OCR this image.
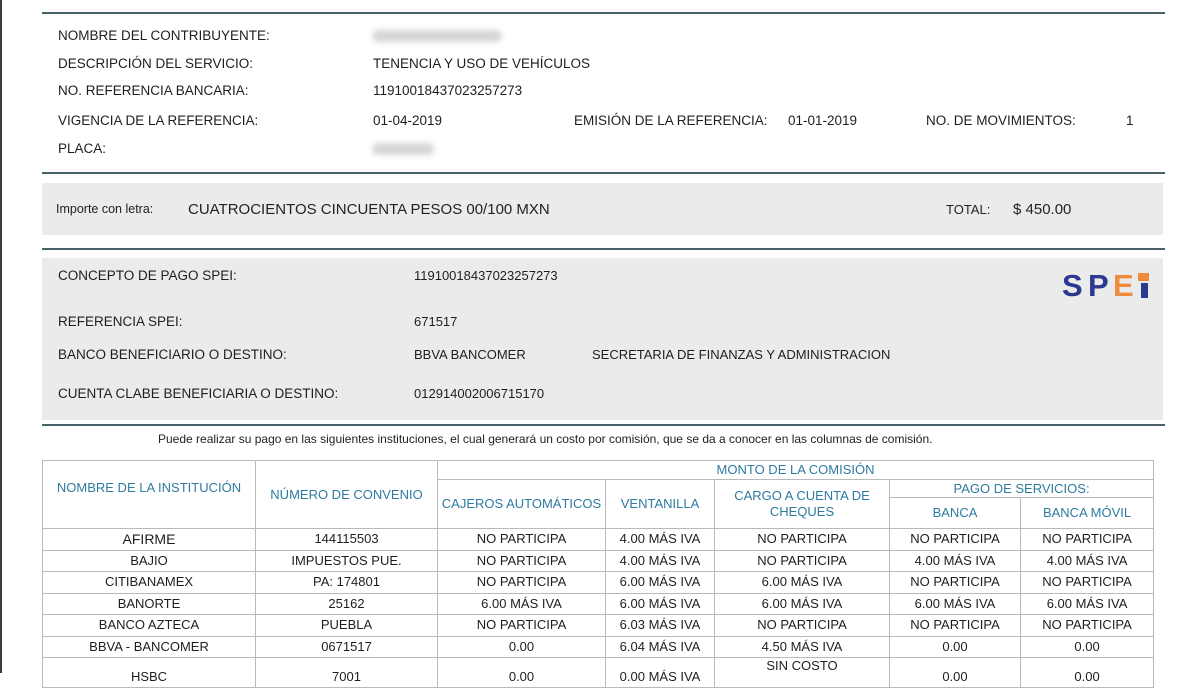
NOMBRE DEL CONTRIBUYENTE:
DESCRIPCIÓN DEL SERVICIO:	TENENCIA Y USO DE VEHÍCULOS
NO. REFERENCIA BANCARIA:	11910018437023257273
VIGENCIA DE LA REFERENCIA:	01-04-2019	EMISIÓN DE LA REFERENCIA: 01-01-2019	NO. DE MOVIMIENTOS:	1
PLACA:
Importe con letra: CUATROCIENTOS CINCUENTA PESOS 00/100 MXN	TOTAL: $ 450.00
CONCEPTO DE PAGO SPEI:	11910018437023257273
REFERENCIA SPEI:	671517
BANCO BENEFICIARIO O DESTINO:	BBVA BANCOMER	SECRETARIA DE FINANZAS Y ADMINISTRACION
CUENTA CLABE BENEFICIARIA O DESTINO:	012914002006715170
S P E
Puede realizar su pago en las siguientes instituciones, el cual generará un costo por comisión, que se da a conocer en las columnas de comisión.
NOMBRE DE LA INSTITUCIÓN	NÚMERO DE CONVENIO	MONTO DE LA COMISIÓN				
		CAJEROS AUTOMÁTICOS	VENTANILLA	CARGO A CUENTA DE CHEQUES	PAGO DE SERVICIOS:	
					BANCA	BANCA MÓVIL
AFIRME	144115503	NO PARTICIPA	4.00 MÁS IVA	NO PARTICIPA	NO PARTICIPA	NO PARTICIPA
BAJIO	IMPUESTOS PUE.	NO PARTICIPA	4.00 MÁS IVA	NO PARTICIPA	4.00 MÁS IVA	4.00 MÁS IVA
CITIBANAMEX	PA: 174801	NO PARTICIPA	6.00 MÁS IVA	6.00 MÁS IVA	NO PARTICIPA	NO PARTICIPA
BANORTE	25162	6.00 MÁS IVA	6.00 MÁS IVA	6.00 MÁS IVA	6.00 MÁS IVA	6.00 MÁS IVA
BANCO AZTECA	PUEBLA	NO PARTICIPA	6.03 MÁS IVA	NO PARTICIPA	NO PARTICIPA	NO PARTICIPA
BBVA - BANCOMER	0671517	0.00	6.04 MÁS IVA	4.50 MÁS IVA	0.00	0.00
HSBC	7001	0.00	0.00 MÁS IVA	SIN COSTO	0.00	0.00
